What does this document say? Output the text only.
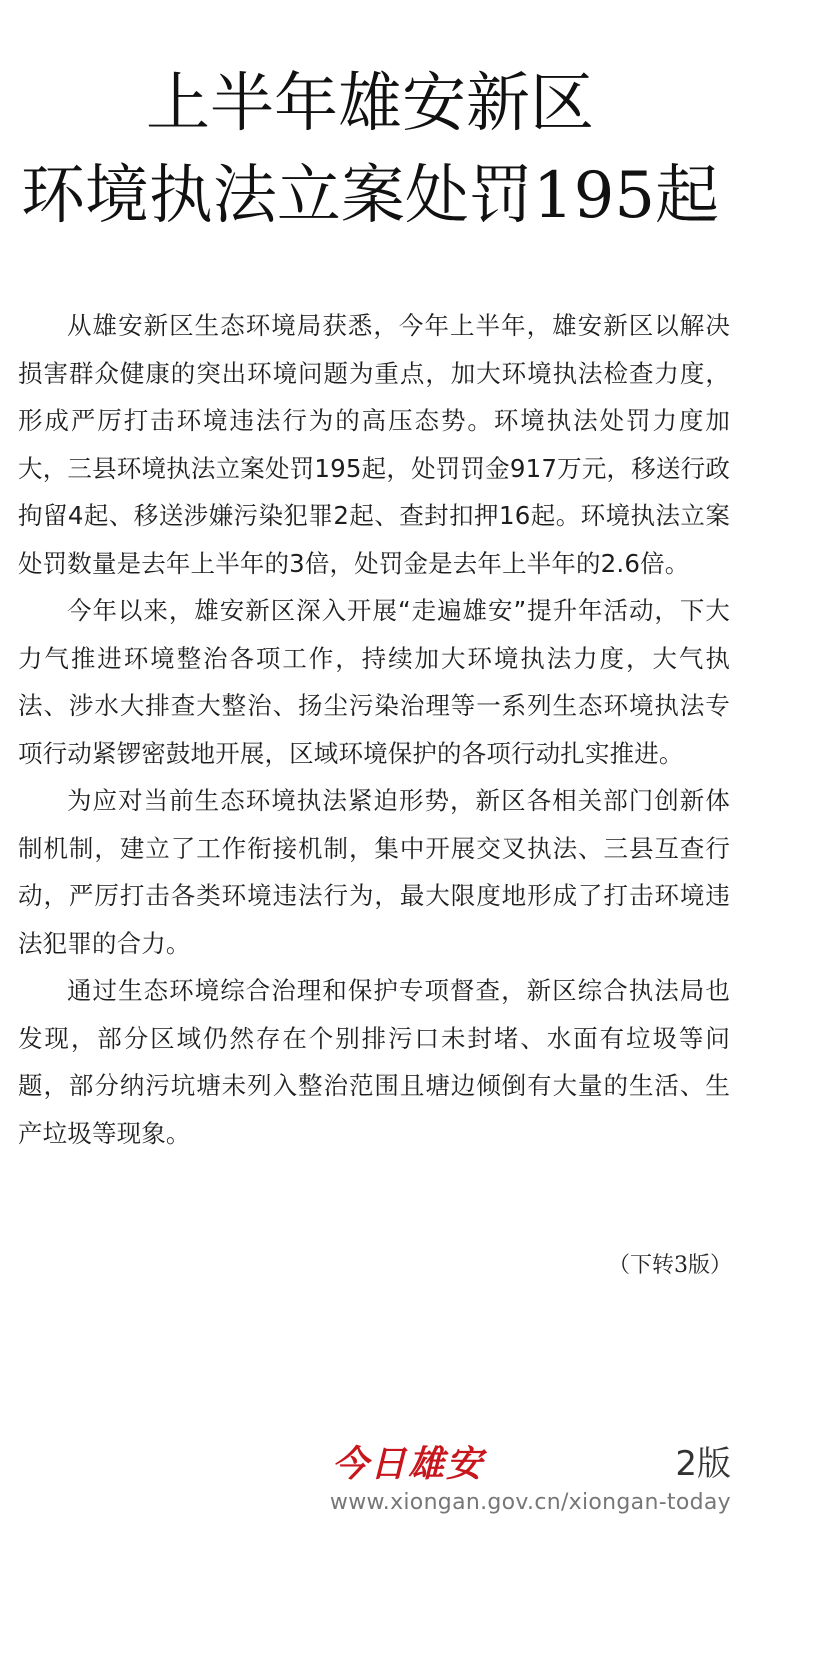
上半年雄安新区
环境执法立案处罚195起

从雄安新区生态环境局获悉，今年上半年，雄安新区以解决损害群众健康的突出环境问题为重点，加大环境执法检查力度，形成严厉打击环境违法行为的高压态势。环境执法处罚力度加大，三县环境执法立案处罚195起，处罚罚金917万元，移送行政拘留4起、移送涉嫌污染犯罪2起、查封扣押16起。环境执法立案处罚数量是去年上半年的3倍，处罚金是去年上半年的2.6倍。

今年以来，雄安新区深入开展“走遍雄安”提升年活动，下大力气推进环境整治各项工作，持续加大环境执法力度，大气执法、涉水大排查大整治、扬尘污染治理等一系列生态环境执法专项行动紧锣密鼓地开展，区域环境保护的各项行动扎实推进。

为应对当前生态环境执法紧迫形势，新区各相关部门创新体制机制，建立了工作衔接机制，集中开展交叉执法、三县互查行动，严厉打击各类环境违法行为，最大限度地形成了打击环境违法犯罪的合力。

通过生态环境综合治理和保护专项督查，新区综合执法局也发现，部分区域仍然存在个别排污口未封堵、水面有垃圾等问题，部分纳污坑塘未列入整治范围且塘边倾倒有大量的生活、生产垃圾等现象。

（下转3版）
今日雄安	2版
www.xiongan.gov.cn/xiongan-today
